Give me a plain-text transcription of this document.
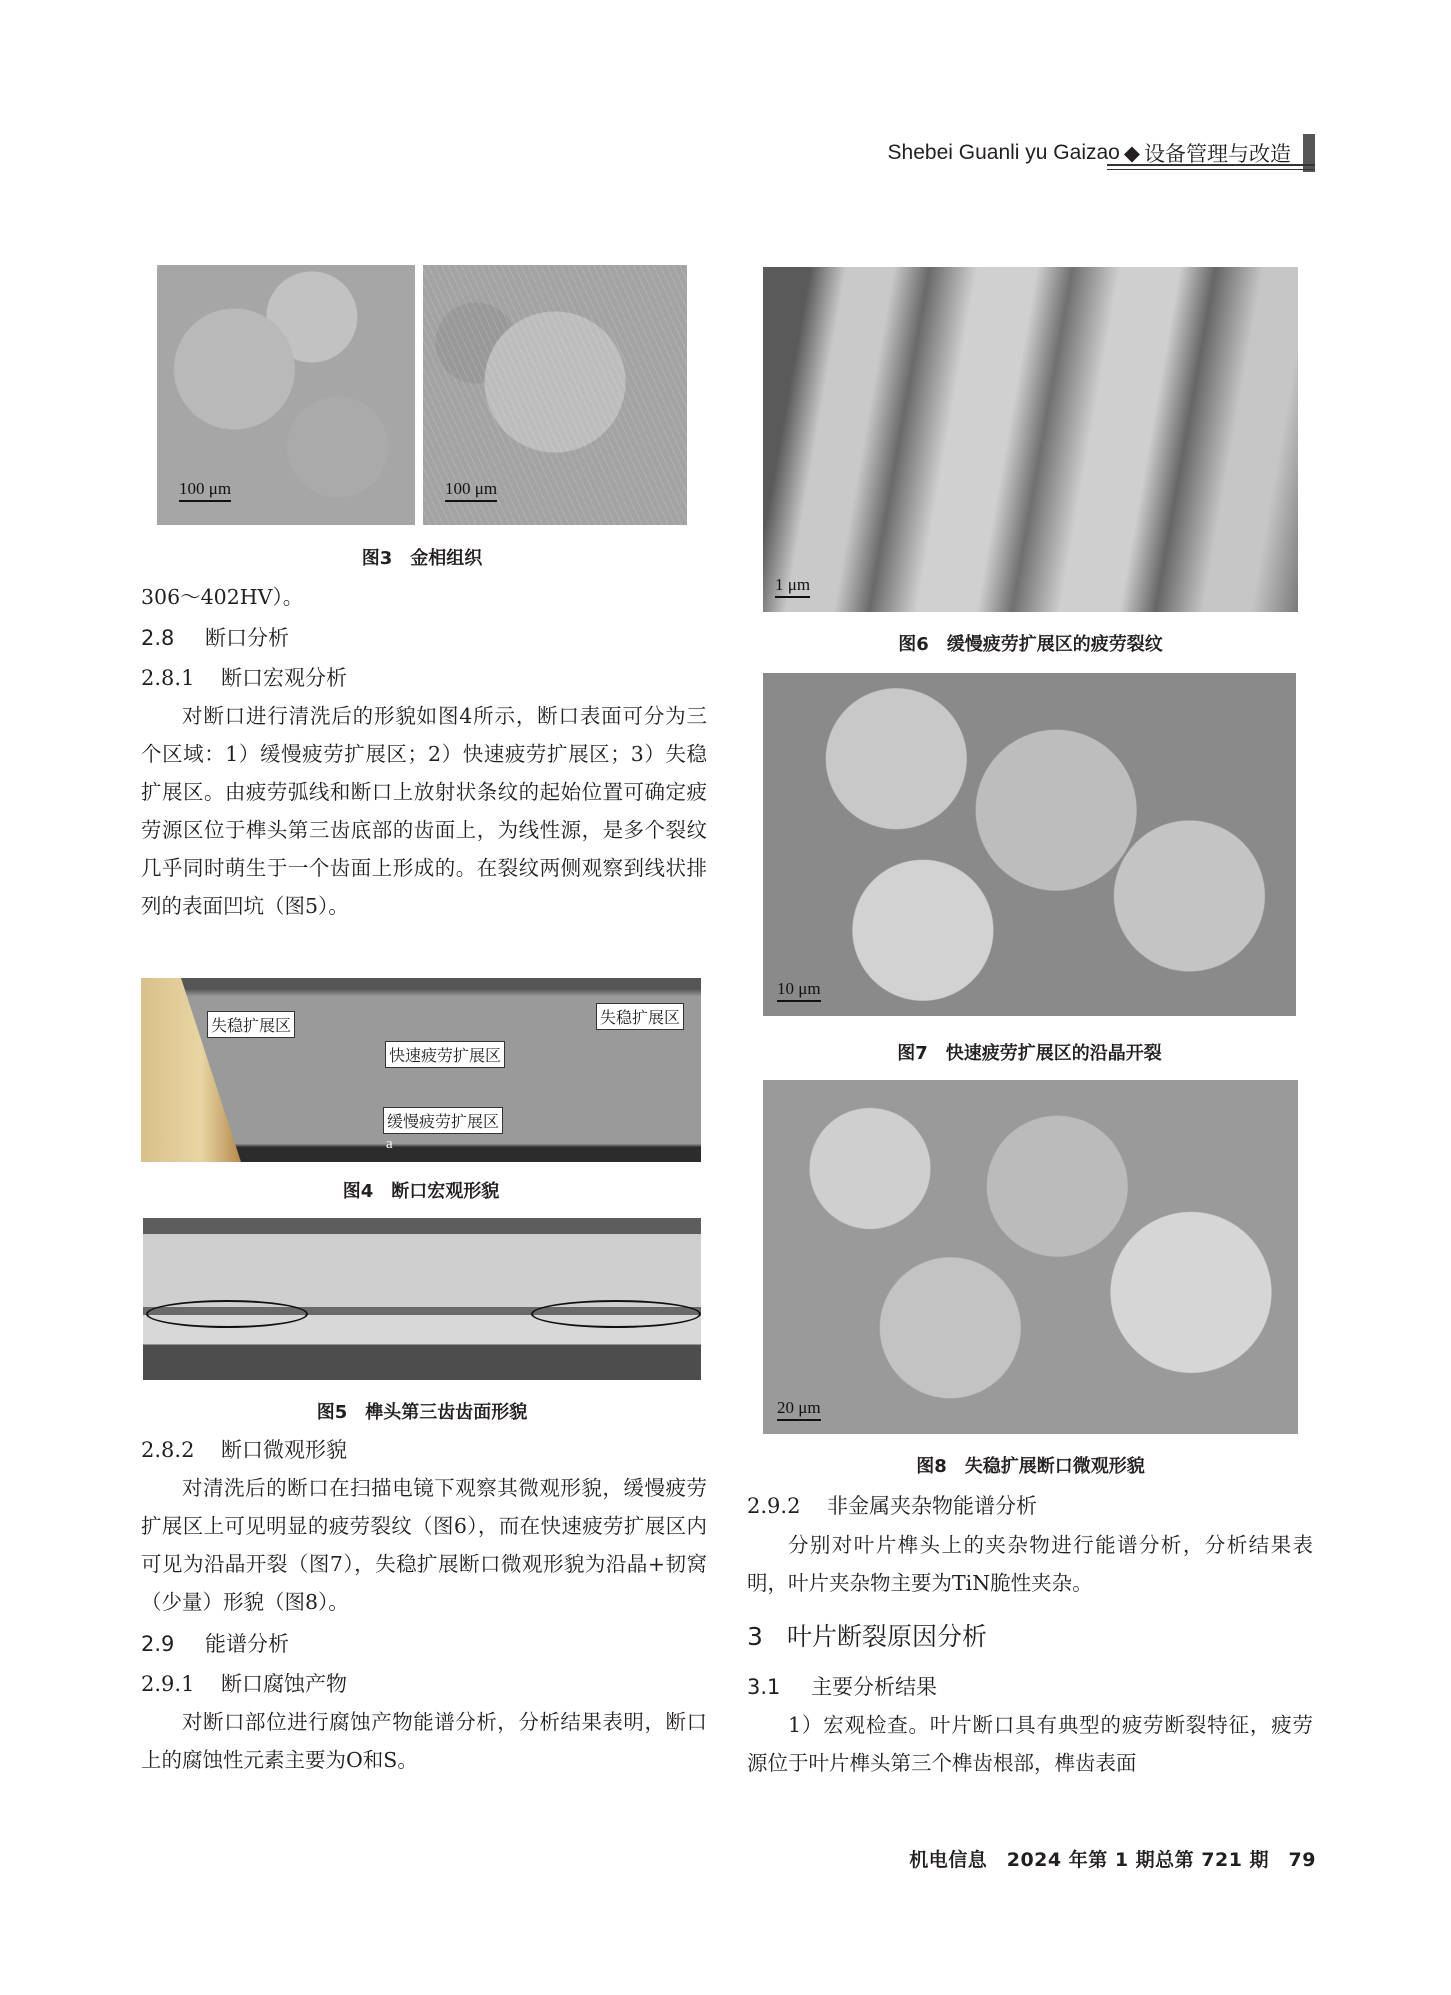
Shebei Guanli yu Gaizao ◆ 设备管理与改造
100 μm	100 μm
图3　金相组织
306～402HV）。
2.8 断口分析
2.8.1 断口宏观分析
对断口进行清洗后的形貌如图4所示，断口表面可分为三个区域：1）缓慢疲劳扩展区；2）快速疲劳扩展区；3）失稳扩展区。由疲劳弧线和断口上放射状条纹的起始位置可确定疲劳源区位于榫头第三齿底部的齿面上，为线性源，是多个裂纹几乎同时萌生于一个齿面上形成的。在裂纹两侧观察到线状排列的表面凹坑（图5）。
失稳扩展区	失稳扩展区
快速疲劳扩展区
缓慢疲劳扩展区
a
图4　断口宏观形貌
图5　榫头第三齿齿面形貌
2.8.2 断口微观形貌
对清洗后的断口在扫描电镜下观察其微观形貌，缓慢疲劳扩展区上可见明显的疲劳裂纹（图6），而在快速疲劳扩展区内可见为沿晶开裂（图7），失稳扩展断口微观形貌为沿晶+韧窝（少量）形貌（图8）。
2.9 能谱分析
2.9.1 断口腐蚀产物
对断口部位进行腐蚀产物能谱分析，分析结果表明，断口上的腐蚀性元素主要为O和S。
1 μm
图6　缓慢疲劳扩展区的疲劳裂纹
10 μm
图7　快速疲劳扩展区的沿晶开裂
20 μm
图8　失稳扩展断口微观形貌
2.9.2 非金属夹杂物能谱分析
分别对叶片榫头上的夹杂物进行能谱分析，分析结果表明，叶片夹杂物主要为TiN脆性夹杂。
3 叶片断裂原因分析
3.1 主要分析结果
1）宏观检查。叶片断口具有典型的疲劳断裂特征，疲劳源位于叶片榫头第三个榫齿根部，榫齿表面
机电信息　2024 年第 1 期总第 721 期　79
